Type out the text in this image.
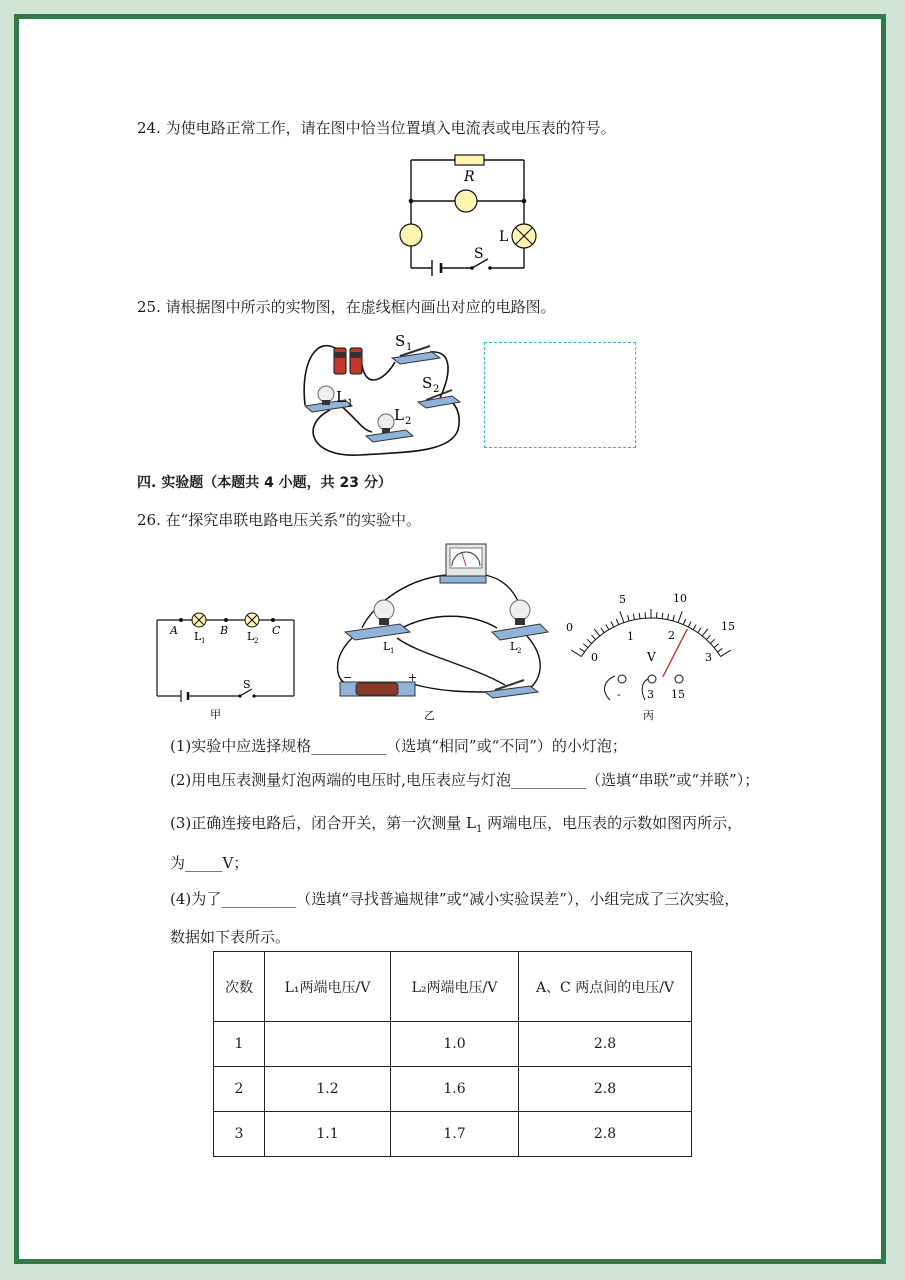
24. 为使电路正常工作，请在图中恰当位置填入电流表或电压表的符号。
R
L
S
25. 请根据图中所示的实物图，在虚线框内画出对应的电路图。
S 1
S 2
L 1
L 2
四. 实验题（本题共 4 小题，共 23 分）
26. 在“探究串联电路电压关系”的实验中。
A	B	C
L 1	L 2
S
甲
L 1	L 2
−	+
乙
0
5	10
15
0
1	2
3
V
- 3 15
丙
(1)实验中应选择规格__________（选填“相同”或“不同”）的小灯泡；
(2)用电压表测量灯泡两端的电压时,电压表应与灯泡__________（选填“串联”或“并联”）；
(3)正确连接电路后，闭合开关，第一次测量 $L_1$ 两端电压，电压表的示数如图丙所示，
为_____V；
(4)为了__________（选填“寻找普遍规律”或“减小实验误差”），小组完成了三次实验，
数据如下表所示。
次数	L₁两端电压/V	L₂两端电压/V	A、C 两点间的电压/V
1		1.0	2.8
2	1.2	1.6	2.8
3	1.1	1.7	2.8
